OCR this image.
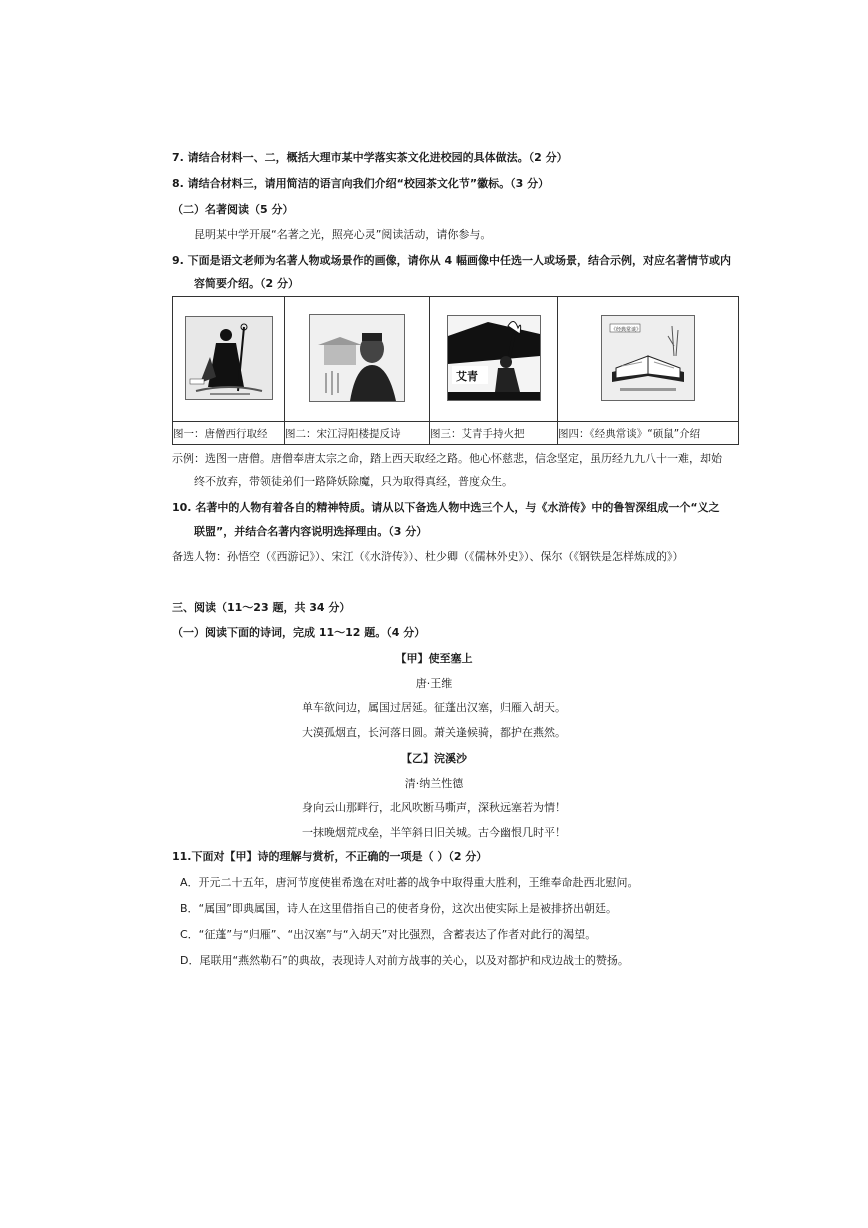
7. 请结合材料一、二，概括大理市某中学落实茶文化进校园的具体做法。（2 分）
8. 请结合材料三，请用简洁的语言向我们介绍“校园茶文化节”徽标。（3 分）
（二）名著阅读（5 分）
昆明某中学开展“名著之光，照亮心灵”阅读活动，请你参与。
9. 下面是语文老师为名著人物或场景作的画像，请你从 4 幅画像中任选一人或场景，结合示例，对应名著情节或内
容简要介绍。（2 分）

艾青	《经典常谈》

图一：唐僧西行取经	图二：宋江浔阳楼提反诗	图三：艾青手持火把	图四：《经典常谈》“硕鼠”介绍
示例：选图一唐僧。唐僧奉唐太宗之命，踏上西天取经之路。他心怀慈悲，信念坚定，虽历经九九八十一难，却始
终不放弃，带领徒弟们一路降妖除魔，只为取得真经，普度众生。
10. 名著中的人物有着各自的精神特质。请从以下备选人物中选三个人，与《水浒传》中的鲁智深组成一个“义之
联盟”，并结合名著内容说明选择理由。（3 分）
备选人物：孙悟空（《西游记》）、宋江（《水浒传》）、杜少卿（《儒林外史》）、保尔（《钢铁是怎样炼成的》）
三、阅读（11～23 题，共 34 分）
（一）阅读下面的诗词，完成 11～12 题。（4 分）
【甲】使至塞上
唐·王维
单车欲问边，属国过居延。征蓬出汉塞，归雁入胡天。
大漠孤烟直，长河落日圆。萧关逢候骑，都护在燕然。
【乙】浣溪沙
清·纳兰性德
身向云山那畔行，北风吹断马嘶声，深秋远塞若为情！
一抹晚烟荒戍垒，半竿斜日旧关城。古今幽恨几时平！
11.下面对【甲】诗的理解与赏析，不正确的一项是（ ）（2 分）
A．开元二十五年，唐河节度使崔希逸在对吐蕃的战争中取得重大胜利，王维奉命赴西北慰问。
B．“属国”即典属国，诗人在这里借指自己的使者身份，这次出使实际上是被排挤出朝廷。
C．“征蓬”与“归雁”、“出汉塞”与“入胡天”对比强烈，含蓄表达了作者对此行的渴望。
D．尾联用“燕然勒石”的典故，表现诗人对前方战事的关心，以及对都护和戍边战士的赞扬。
